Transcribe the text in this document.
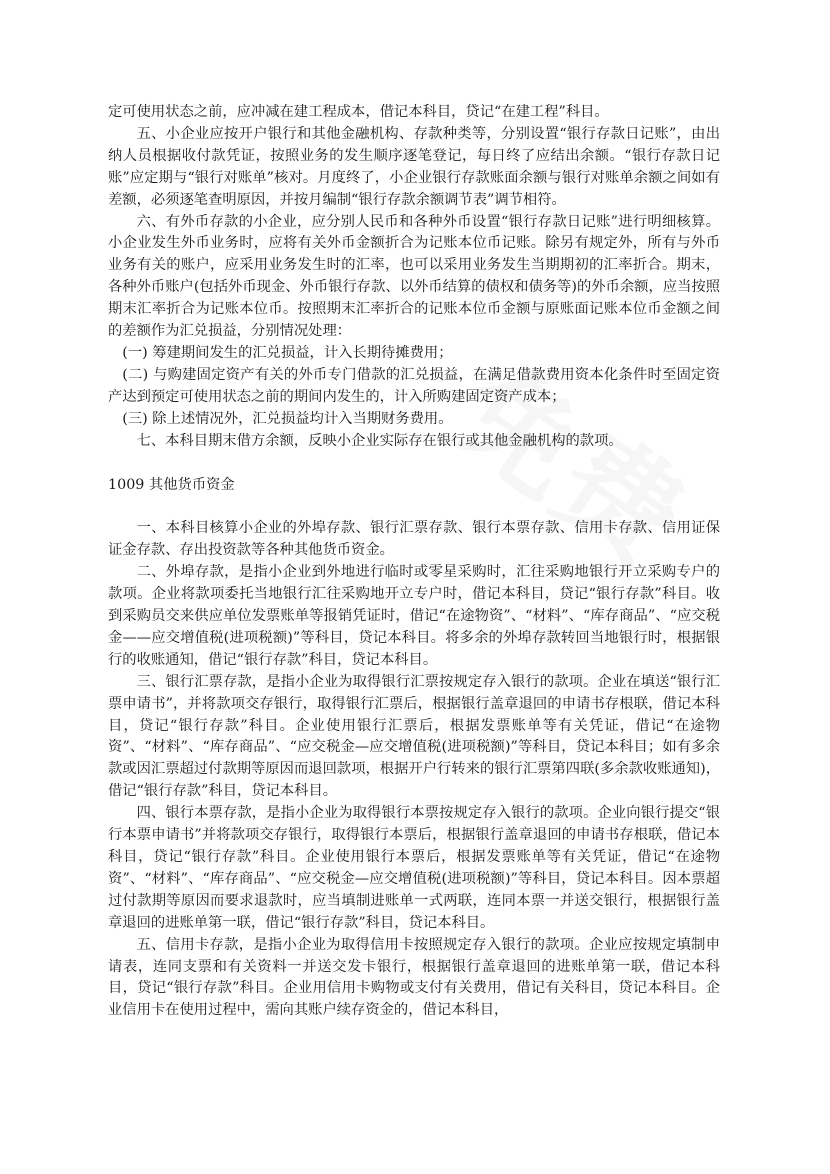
定可使用状态之前，应冲减在建工程成本，借记本科目，贷记“在建工程”科目。

五、小企业应按开户银行和其他金融机构、存款种类等，分别设置“银行存款日记账”，由出纳人员根据收付款凭证，按照业务的发生顺序逐笔登记，每日终了应结出余额。“银行存款日记账”应定期与“银行对账单”核对。月度终了，小企业银行存款账面余额与银行对账单余额之间如有差额，必须逐笔查明原因，并按月编制“银行存款余额调节表”调节相符。

六、有外币存款的小企业，应分别人民币和各种外币设置“银行存款日记账”进行明细核算。小企业发生外币业务时，应将有关外币金额折合为记账本位币记账。除另有规定外，所有与外币业务有关的账户，应采用业务发生时的汇率，也可以采用业务发生当期期初的汇率折合。期末，各种外币账户(包括外币现金、外币银行存款、以外币结算的债权和债务等)的外币余额，应当按照期末汇率折合为记账本位币。按照期末汇率折合的记账本位币金额与原账面记账本位币金额之间的差额作为汇兑损益，分别情况处理：

(一) 筹建期间发生的汇兑损益，计入长期待摊费用；

(二) 与购建固定资产有关的外币专门借款的汇兑损益，在满足借款费用资本化条件时至固定资产达到预定可使用状态之前的期间内发生的，计入所购建固定资产成本；

(三) 除上述情况外，汇兑损益均计入当期财务费用。

七、本科目期末借方余额，反映小企业实际存在银行或其他金融机构的款项。

1009 其他货币资金

一、本科目核算小企业的外埠存款、银行汇票存款、银行本票存款、信用卡存款、信用证保证金存款、存出投资款等各种其他货币资金。

二、外埠存款，是指小企业到外地进行临时或零星采购时，汇往采购地银行开立采购专户的款项。企业将款项委托当地银行汇往采购地开立专户时，借记本科目，贷记“银行存款”科目。收到采购员交来供应单位发票账单等报销凭证时，借记“在途物资”、“材料”、“库存商品”、“应交税金——应交增值税(进项税额)”等科目，贷记本科目。将多余的外埠存款转回当地银行时，根据银行的收账通知，借记“银行存款”科目，贷记本科目。

三、银行汇票存款，是指小企业为取得银行汇票按规定存入银行的款项。企业在填送“银行汇票申请书”，并将款项交存银行，取得银行汇票后，根据银行盖章退回的申请书存根联，借记本科目，贷记“银行存款”科目。企业使用银行汇票后，根据发票账单等有关凭证，借记“在途物资”、“材料”、“库存商品”、“应交税金—应交增值税(进项税额)”等科目，贷记本科目；如有多余款或因汇票超过付款期等原因而退回款项，根据开户行转来的银行汇票第四联(多余款收账通知)，借记“银行存款”科目，贷记本科目。

四、银行本票存款，是指小企业为取得银行本票按规定存入银行的款项。企业向银行提交“银行本票申请书”并将款项交存银行，取得银行本票后，根据银行盖章退回的申请书存根联，借记本科目，贷记“银行存款”科目。企业使用银行本票后，根据发票账单等有关凭证，借记“在途物资”、“材料”、“库存商品”、“应交税金—应交增值税(进项税额)”等科目，贷记本科目。因本票超过付款期等原因而要求退款时，应当填制进账单一式两联，连同本票一并送交银行，根据银行盖章退回的进账单第一联，借记“银行存款”科目，贷记本科目。

五、信用卡存款，是指小企业为取得信用卡按照规定存入银行的款项。企业应按规定填制申请表，连同支票和有关资料一并送交发卡银行，根据银行盖章退回的进账单第一联，借记本科目，贷记“银行存款”科目。企业用信用卡购物或支付有关费用，借记有关科目，贷记本科目。企业信用卡在使用过程中，需向其账户续存资金的，借记本科目，
